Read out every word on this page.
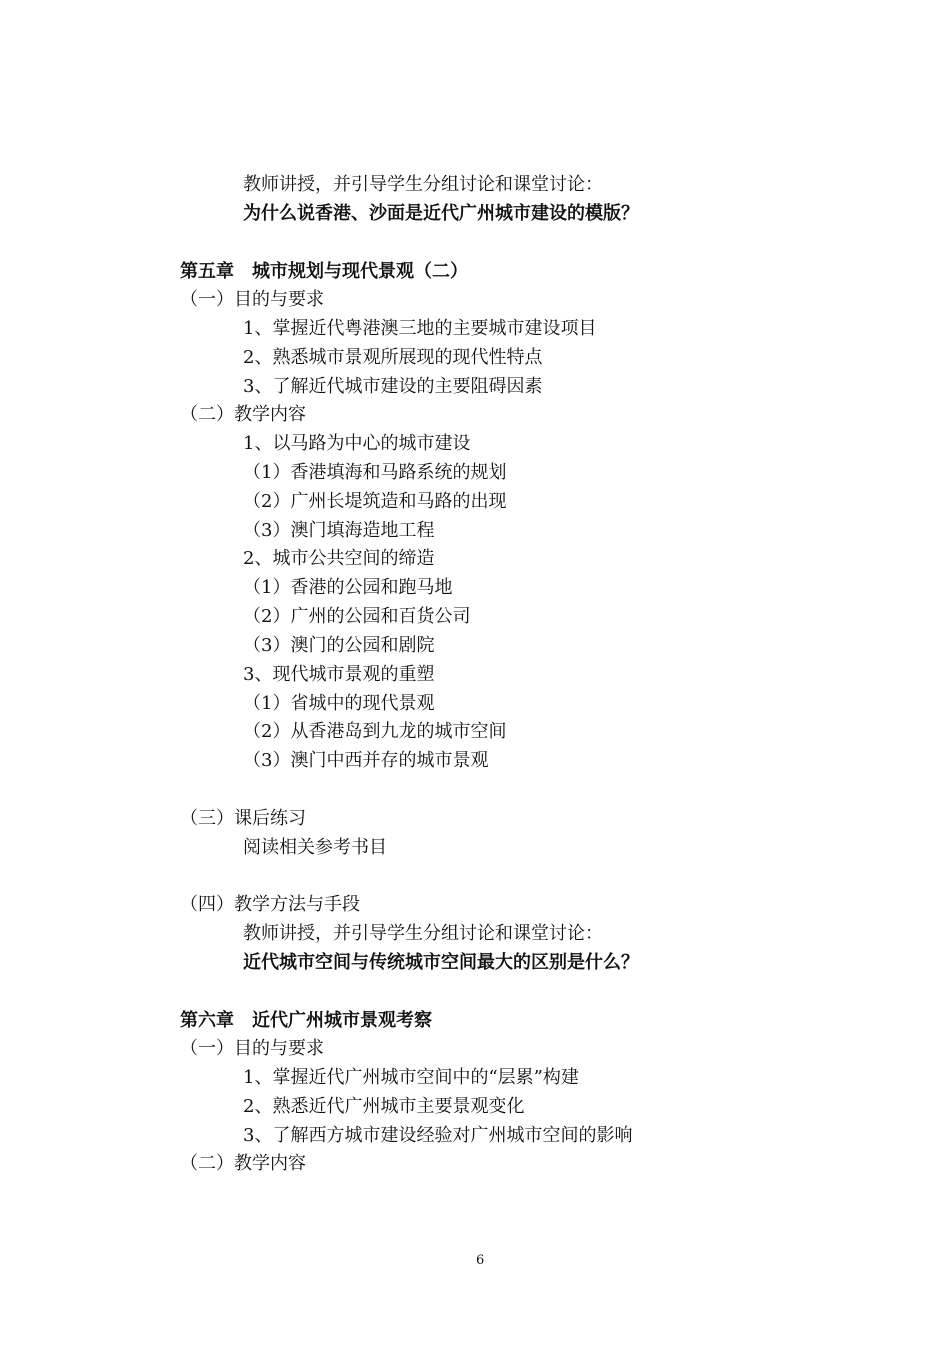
教师讲授，并引导学生分组讨论和课堂讨论：
为什么说香港、沙面是近代广州城市建设的模版？
第五章　城市规划与现代景观（二）
（一）目的与要求
1、掌握近代粤港澳三地的主要城市建设项目
2、熟悉城市景观所展现的现代性特点
3、了解近代城市建设的主要阻碍因素
（二）教学内容
1、以马路为中心的城市建设
（1）香港填海和马路系统的规划
（2）广州长堤筑造和马路的出现
（3）澳门填海造地工程
2、城市公共空间的缔造
（1）香港的公园和跑马地
（2）广州的公园和百货公司
（3）澳门的公园和剧院
3、现代城市景观的重塑
（1）省城中的现代景观
（2）从香港岛到九龙的城市空间
（3）澳门中西并存的城市景观
（三）课后练习
阅读相关参考书目
（四）教学方法与手段
教师讲授，并引导学生分组讨论和课堂讨论：
近代城市空间与传统城市空间最大的区别是什么？
第六章　近代广州城市景观考察
（一）目的与要求
1、掌握近代广州城市空间中的“层累”构建
2、熟悉近代广州城市主要景观变化
3、了解西方城市建设经验对广州城市空间的影响
（二）教学内容
6
